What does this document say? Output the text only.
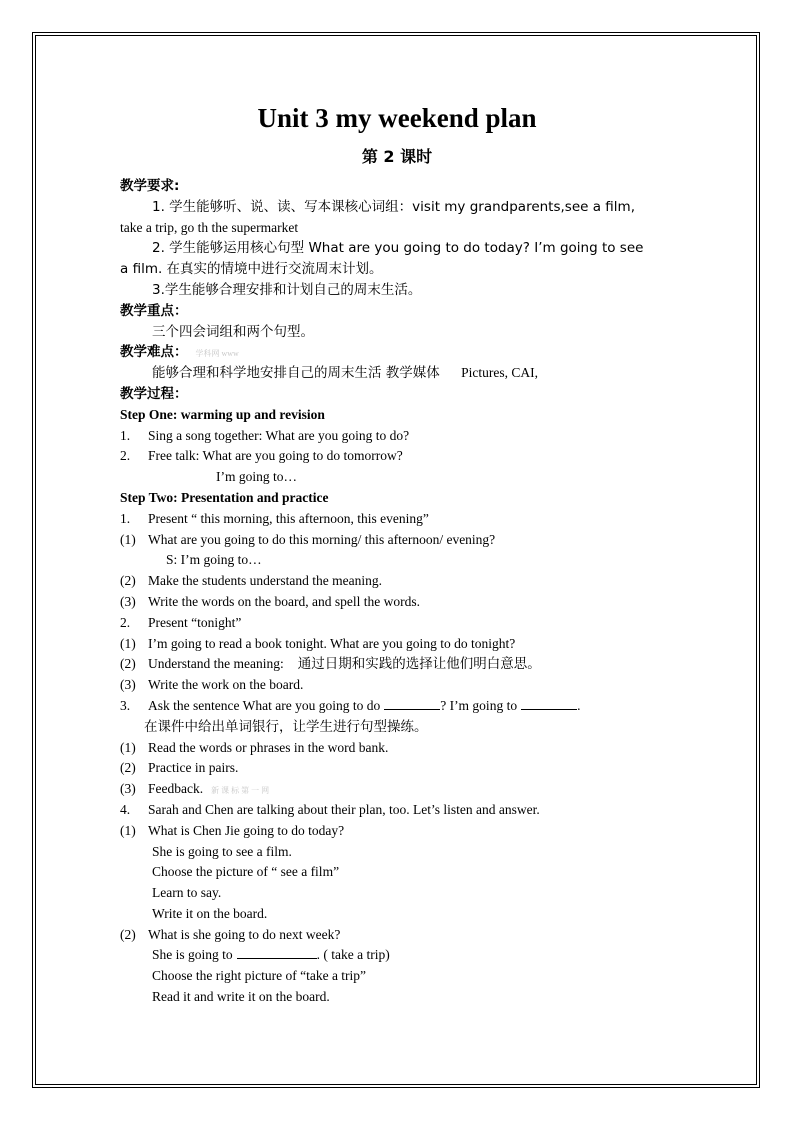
Unit 3 my weekend plan
第 2 课时
教学要求:
1. 学生能够听、说、读、写本课核心词组：visit my grandparents,see a film,
take a trip, go th the supermarket
2. 学生能够运用核心句型 What are you going to do today? I’m going to see
a film. 在真实的情境中进行交流周末计划。
3.学生能够合理安排和计划自己的周末生活。
教学重点：
三个四会词组和两个句型。
教学难点： 学科网 www
能够合理和科学地安排自己的周末生活 教学媒体 Pictures, CAI,
教学过程：
Step One: warming up and revision
1. Sing a song together: What are you going to do?
2. Free talk: What are you going to do tomorrow?
I’m going to…
Step Two: Presentation and practice
1. Present “ this morning, this afternoon, this evening”
(1) What are you going to do this morning/ this afternoon/ evening?
S: I’m going to…
(2) Make the students understand the meaning.
(3) Write the words on the board, and spell the words.
2. Present “tonight”
(1) I’m going to read a book tonight. What are you going to do tonight?
(2) Understand the meaning: 通过日期和实践的选择让他们明白意思。
(3) Write the work on the board.
3. Ask the sentence What are you going to do	? I’m going to	.
在课件中给出单词银行，让学生进行句型操练。
(1) Read the words or phrases in the word bank.
(2) Practice in pairs.
(3) Feedback. 新 课 标 第 一 网
4. Sarah and Chen are talking about their plan, too. Let’s listen and answer.
(1) What is Chen Jie going to do today?
She is going to see a film.
Choose the picture of “ see a film”
Learn to say.
Write it on the board.
(2) What is she going to do next week?
She is going to	. ( take a trip)
Choose the right picture of “take a trip”
Read it and write it on the board.
